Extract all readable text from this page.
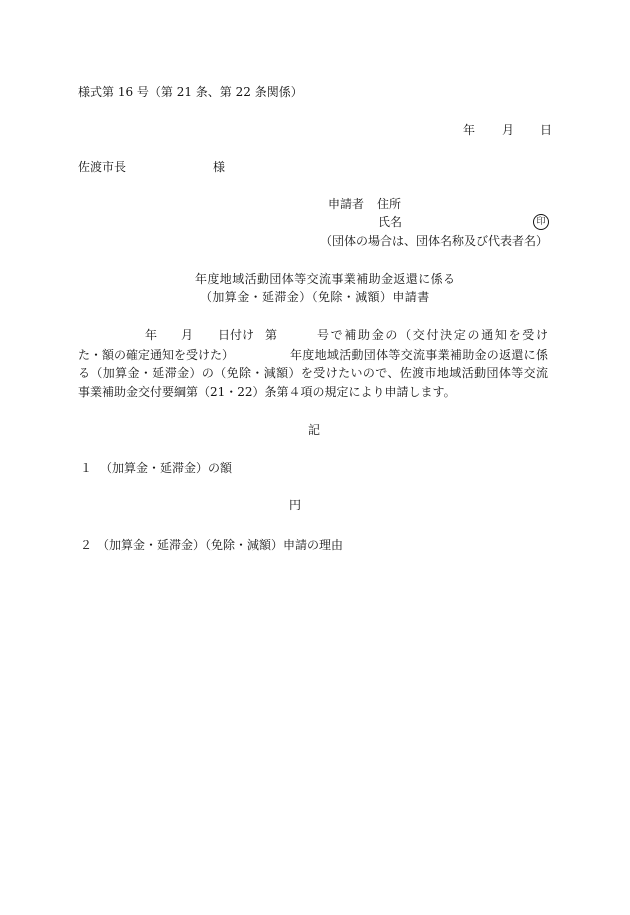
様式第 16 号（第 21 条、第 22 条関係）
年 月 日
佐渡市長	様
申請者 住所
氏名	印
（団体の場合は、団体名称及び代表者名）
年度地域活動団体等交流事業補助金返還に係る
（加算金・延滞金）（免除・減額）申請書
年 月 日付け 第	号で補助金の（交付決定の通知を受け
た・額の確定通知を受けた）	年度地域活動団体等交流事業補助金の返還に係
る（加算金・延滞金）の（免除・減額）を受けたいので、佐渡市地域活動団体等交流
事業補助金交付要綱第（21・22）条第４項の規定により申請します。
記
１ （加算金・延滞金）の額
円
２ （加算金・延滞金）（免除・減額）申請の理由
